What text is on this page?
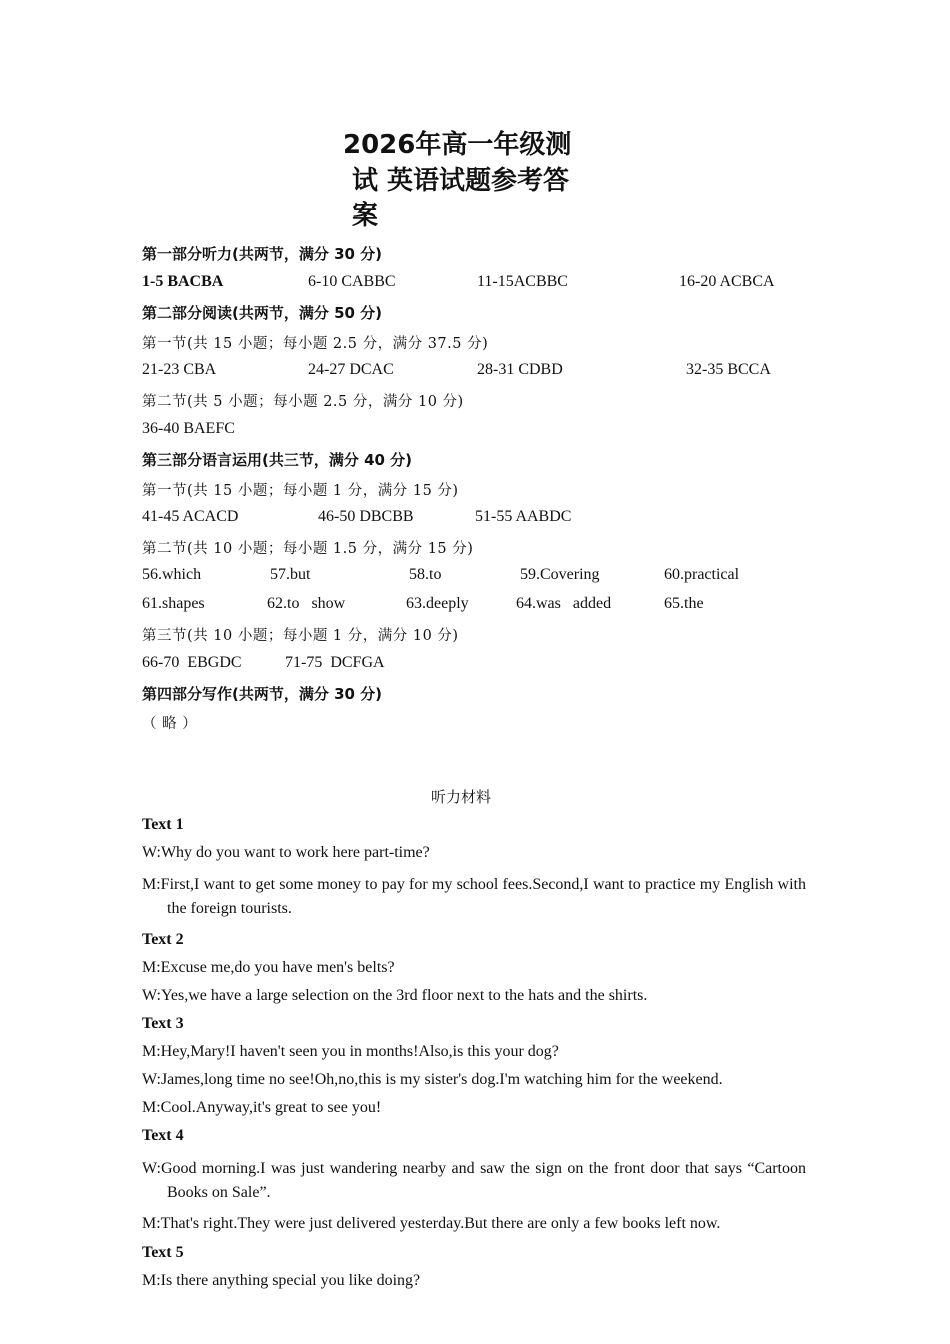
2026年高一年级测
试 英语试题参考答
案
第一部分听力(共两节，满分 30 分)
1-5 BACBA	6-10 CABBC	11-15ACBBC	16-20 ACBCA
第二部分阅读(共两节，满分 50 分)
第一节(共 15 小题；每小题 2.5 分，满分 37.5 分)
21-23 CBA	24-27 DCAC	28-31 CDBD	32-35 BCCA
第二节(共 5 小题；每小题 2.5 分，满分 10 分)
36-40 BAEFC
第三部分语言运用(共三节，满分 40 分)
第一节(共 15 小题；每小题 1 分，满分 15 分)
41-45 ACACD	46-50 DBCBB	51-55 AABDC
第二节(共 10 小题；每小题 1.5 分，满分 15 分)
56.which	57.but	58.to	59.Covering	60.practical
61.shapes	62.to   show	63.deeply	64.was   added	65.the
第三节(共 10 小题；每小题 1 分，满分 10 分)
66-70  EBGDC	71-75  DCFGA
第四部分写作(共两节，满分 30 分)
（ 略 ）
听力材料
Text 1
W:Why do you want to work here part-time?
M:First,I want to get some money to pay for my school fees.Second,I want to practice my English with the foreign tourists.
Text 2
M:Excuse me,do you have men's belts?
W:Yes,we have a large selection on the 3rd floor next to the hats and the shirts.
Text 3
M:Hey,Mary!I haven't seen you in months!Also,is this your dog?
W:James,long time no see!Oh,no,this is my sister's dog.I'm watching him for the weekend.
M:Cool.Anyway,it's great to see you!
Text 4
W:Good morning.I was just wandering nearby and saw the sign on the front door that says “Cartoon Books on Sale”.
M:That's right.They were just delivered yesterday.But there are only a few books left now.
Text 5
M:Is there anything special you like doing?
